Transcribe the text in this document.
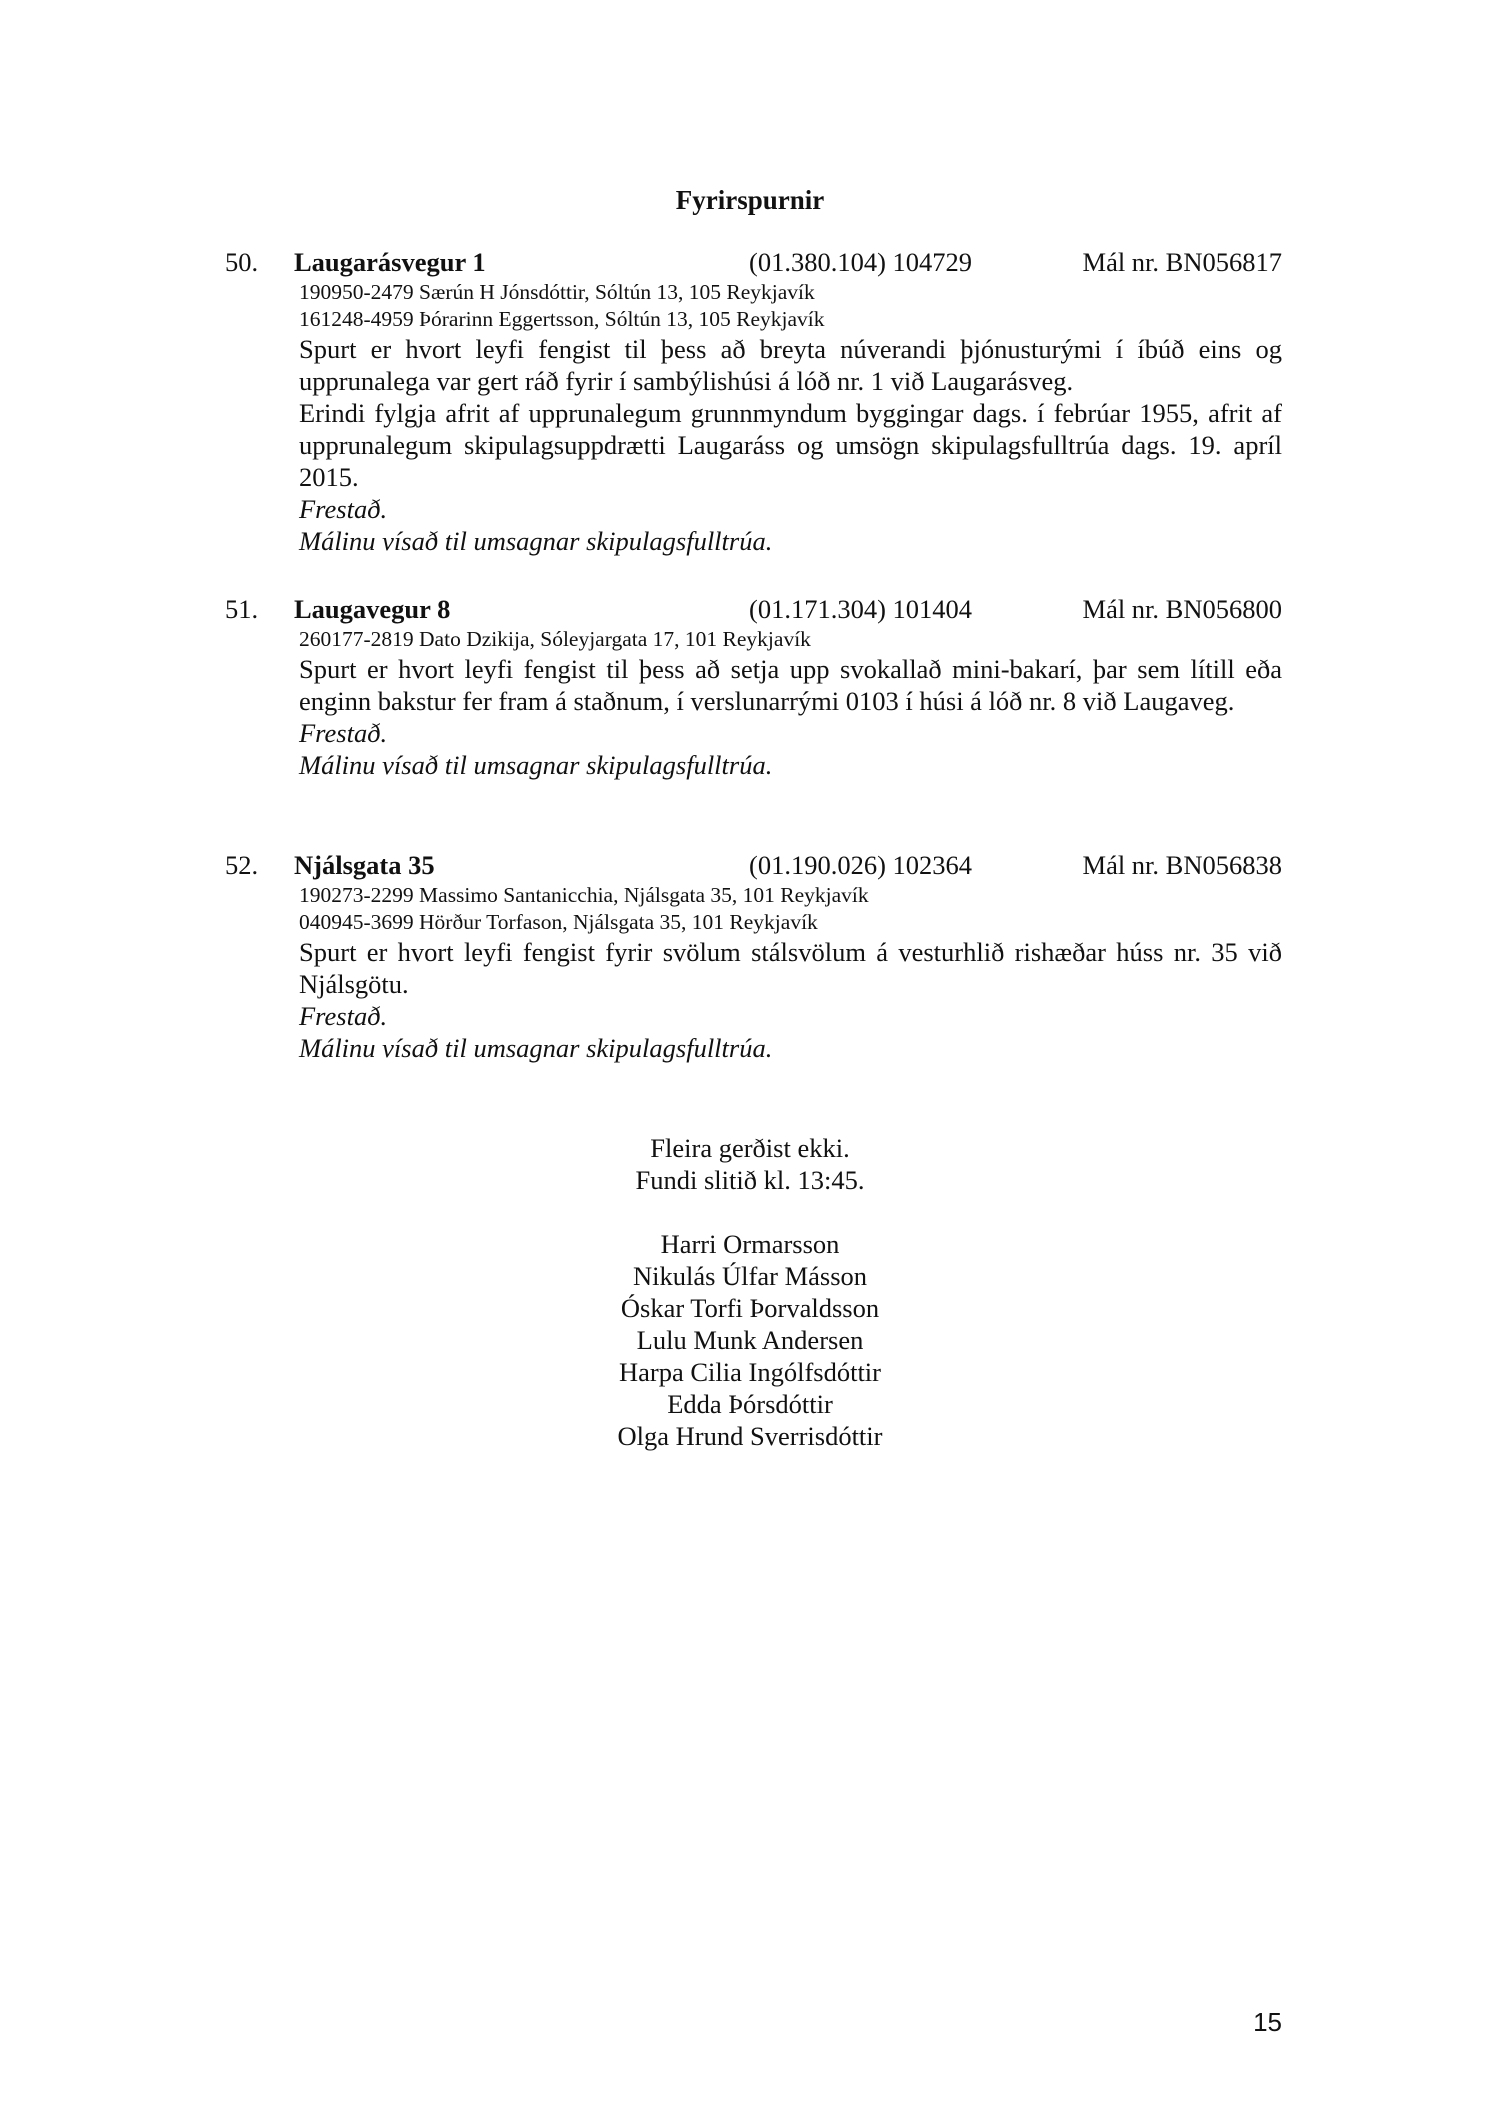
Fyrirspurnir
50. Laugarásvegur 1	(01.380.104) 104729	Mál nr. BN056817
190950-2479 Særún H Jónsdóttir, Sóltún 13, 105 Reykjavík
161248-4959 Þórarinn Eggertsson, Sóltún 13, 105 Reykjavík

Spurt er hvort leyfi fengist til þess að breyta núverandi þjónusturými í íbúð eins og upprunalega var gert ráð fyrir í sambýlishúsi á lóð nr. 1 við Laugarásveg.

Erindi fylgja afrit af upprunalegum grunnmyndum byggingar dags. í febrúar 1955, afrit af upprunalegum skipulagsuppdrætti Laugaráss og umsögn skipulagsfulltrúa dags. 19. apríl 2015.

Frestað.
Málinu vísað til umsagnar skipulagsfulltrúa.
51. Laugavegur 8	(01.171.304) 101404	Mál nr. BN056800
260177-2819 Dato Dzikija, Sóleyjargata 17, 101 Reykjavík

Spurt er hvort leyfi fengist til þess að setja upp svokallað mini-bakarí, þar sem lítill eða enginn bakstur fer fram á staðnum, í verslunarrými 0103 í húsi á lóð nr. 8 við Laugaveg.

Frestað.
Málinu vísað til umsagnar skipulagsfulltrúa.
52. Njálsgata 35	(01.190.026) 102364	Mál nr. BN056838
190273-2299 Massimo Santanicchia, Njálsgata 35, 101 Reykjavík
040945-3699 Hörður Torfason, Njálsgata 35, 101 Reykjavík

Spurt er hvort leyfi fengist fyrir svölum stálsvölum á vesturhlið rishæðar húss nr. 35 við Njálsgötu.

Frestað.
Málinu vísað til umsagnar skipulagsfulltrúa.
Fleira gerðist ekki.
Fundi slitið kl. 13:45.
Harri Ormarsson
Nikulás Úlfar Másson
Óskar Torfi Þorvaldsson
Lulu Munk Andersen
Harpa Cilia Ingólfsdóttir
Edda Þórsdóttir
Olga Hrund Sverrisdóttir
15
